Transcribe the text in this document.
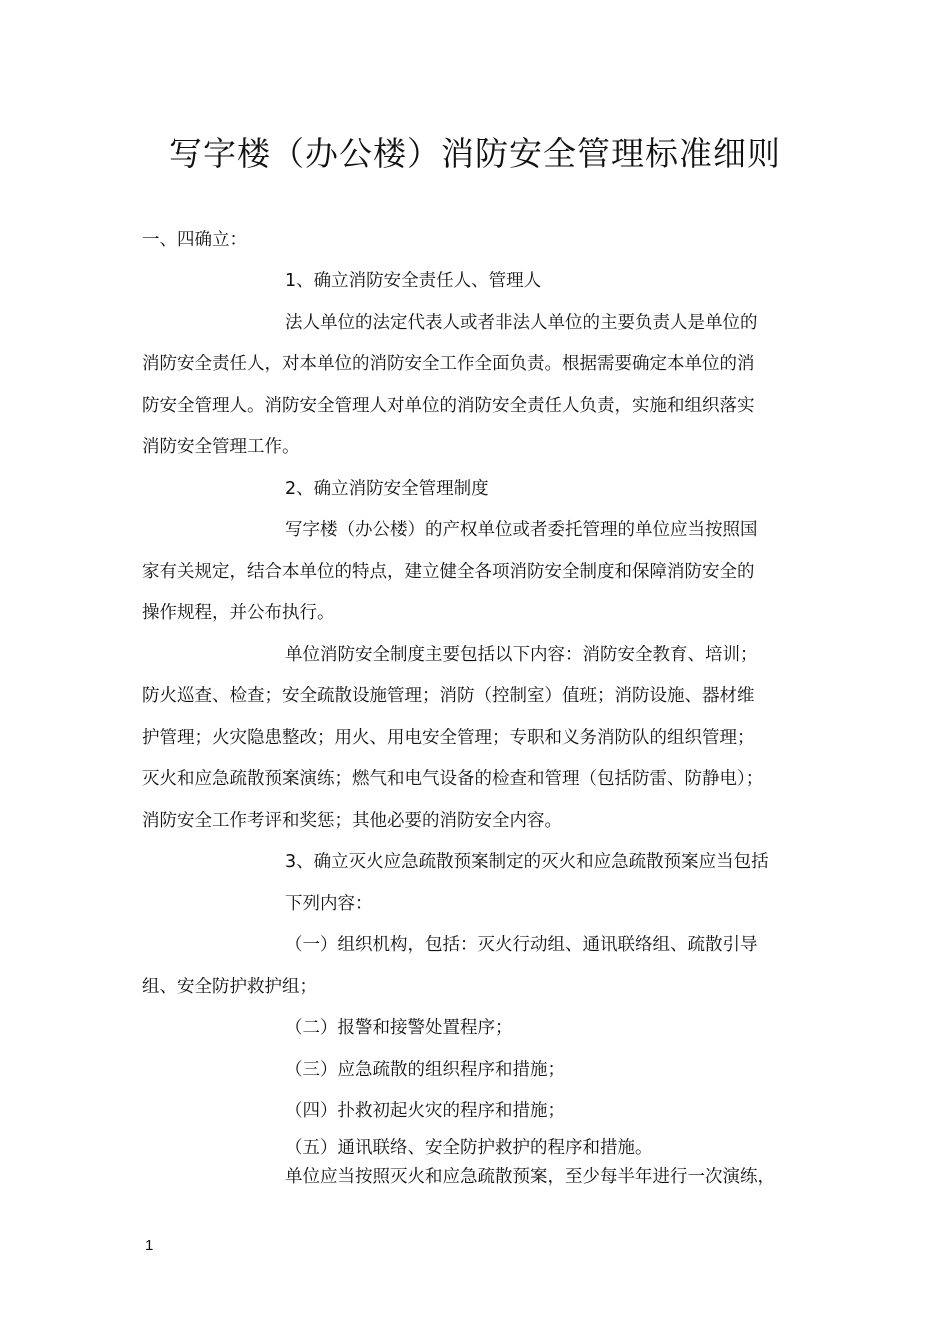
写字楼（办公楼）消防安全管理标准细则
一、四确立：
1、确立消防安全责任人、管理人
法人单位的法定代表人或者非法人单位的主要负责人是单位的
消防安全责任人，对本单位的消防安全工作全面负责。根据需要确定本单位的消
防安全管理人。消防安全管理人对单位的消防安全责任人负责，实施和组织落实
消防安全管理工作。
2、确立消防安全管理制度
写字楼（办公楼）的产权单位或者委托管理的单位应当按照国
家有关规定，结合本单位的特点，建立健全各项消防安全制度和保障消防安全的
操作规程，并公布执行。
单位消防安全制度主要包括以下内容：消防安全教育、培训；
防火巡查、检查；安全疏散设施管理；消防（控制室）值班；消防设施、器材维
护管理；火灾隐患整改；用火、用电安全管理；专职和义务消防队的组织管理；
灭火和应急疏散预案演练；燃气和电气设备的检查和管理（包括防雷、防静电）；
消防安全工作考评和奖惩；其他必要的消防安全内容。
3、确立灭火应急疏散预案制定的灭火和应急疏散预案应当包括
下列内容：
（一）组织机构，包括：灭火行动组、通讯联络组、疏散引导
组、安全防护救护组；
（二）报警和接警处置程序；
（三）应急疏散的组织程序和措施；
（四）扑救初起火灾的程序和措施；
（五）通讯联络、安全防护救护的程序和措施。
单位应当按照灭火和应急疏散预案，至少每半年进行一次演练，
1
